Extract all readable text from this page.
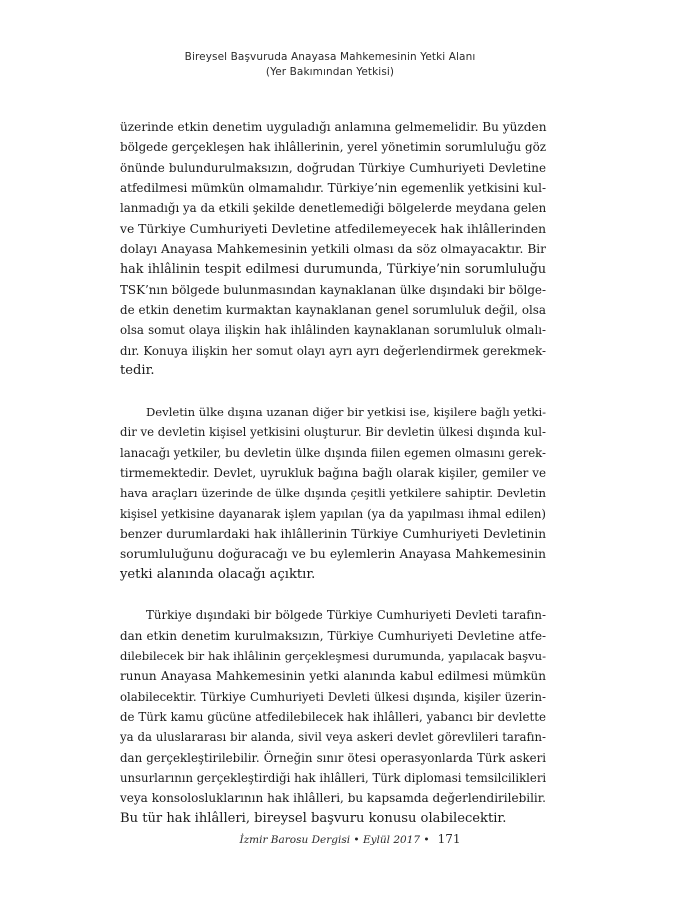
Bireysel Başvuruda Anayasa Mahkemesinin Yetki Alanı
(Yer Bakımından Yetkisi)

üzerinde etkin denetim uyguladığı anlamına gelmemelidir. Bu yüzden
bölgede gerçekleşen hak ihlâllerinin, yerel yönetimin sorumluluğu göz
önünde bulundurulmaksızın, doğrudan Türkiye Cumhuriyeti Devletine
atfedilmesi mümkün olmamalıdır. Türkiye’nin egemenlik yetkisini kul-
lanmadığı ya da etkili şekilde denetlemediği bölgelerde meydana gelen
ve Türkiye Cumhuriyeti Devletine atfedilemeyecek hak ihlâllerinden
dolayı Anayasa Mahkemesinin yetkili olması da söz olmayacaktır. Bir
hak ihlâlinin tespit edilmesi durumunda, Türkiye’nin sorumluluğu
TSK’nın bölgede bulunmasından kaynaklanan ülke dışındaki bir bölge-
de etkin denetim kurmaktan kaynaklanan genel sorumluluk değil, olsa
olsa somut olaya ilişkin hak ihlâlinden kaynaklanan sorumluluk olmalı-
dır. Konuya ilişkin her somut olayı ayrı ayrı değerlendirmek gerekmek-
tedir.

Devletin ülke dışına uzanan diğer bir yetkisi ise, kişilere bağlı yetki-
dir ve devletin kişisel yetkisini oluşturur. Bir devletin ülkesi dışında kul-
lanacağı yetkiler, bu devletin ülke dışında fiilen egemen olmasını gerek-
tirmemektedir. Devlet, uyrukluk bağına bağlı olarak kişiler, gemiler ve
hava araçları üzerinde de ülke dışında çeşitli yetkilere sahiptir. Devletin
kişisel yetkisine dayanarak işlem yapılan (ya da yapılması ihmal edilen)
benzer durumlardaki hak ihlâllerinin Türkiye Cumhuriyeti Devletinin
sorumluluğunu doğuracağı ve bu eylemlerin Anayasa Mahkemesinin
yetki alanında olacağı açıktır.

Türkiye dışındaki bir bölgede Türkiye Cumhuriyeti Devleti tarafın-
dan etkin denetim kurulmaksızın, Türkiye Cumhuriyeti Devletine atfe-
dilebilecek bir hak ihlâlinin gerçekleşmesi durumunda, yapılacak başvu-
runun Anayasa Mahkemesinin yetki alanında kabul edilmesi mümkün
olabilecektir. Türkiye Cumhuriyeti Devleti ülkesi dışında, kişiler üzerin-
de Türk kamu gücüne atfedilebilecek hak ihlâlleri, yabancı bir devlette
ya da uluslararası bir alanda, sivil veya askeri devlet görevlileri tarafın-
dan gerçekleştirilebilir. Örneğin sınır ötesi operasyonlarda Türk askeri
unsurlarının gerçekleştirdiği hak ihlâlleri, Türk diplomasi temsilcilikleri
veya konsolosluklarının hak ihlâlleri, bu kapsamda değerlendirilebilir.
Bu tür hak ihlâlleri, bireysel başvuru konusu olabilecektir.

İzmir Barosu Dergisi • Eylül 2017 • 171
